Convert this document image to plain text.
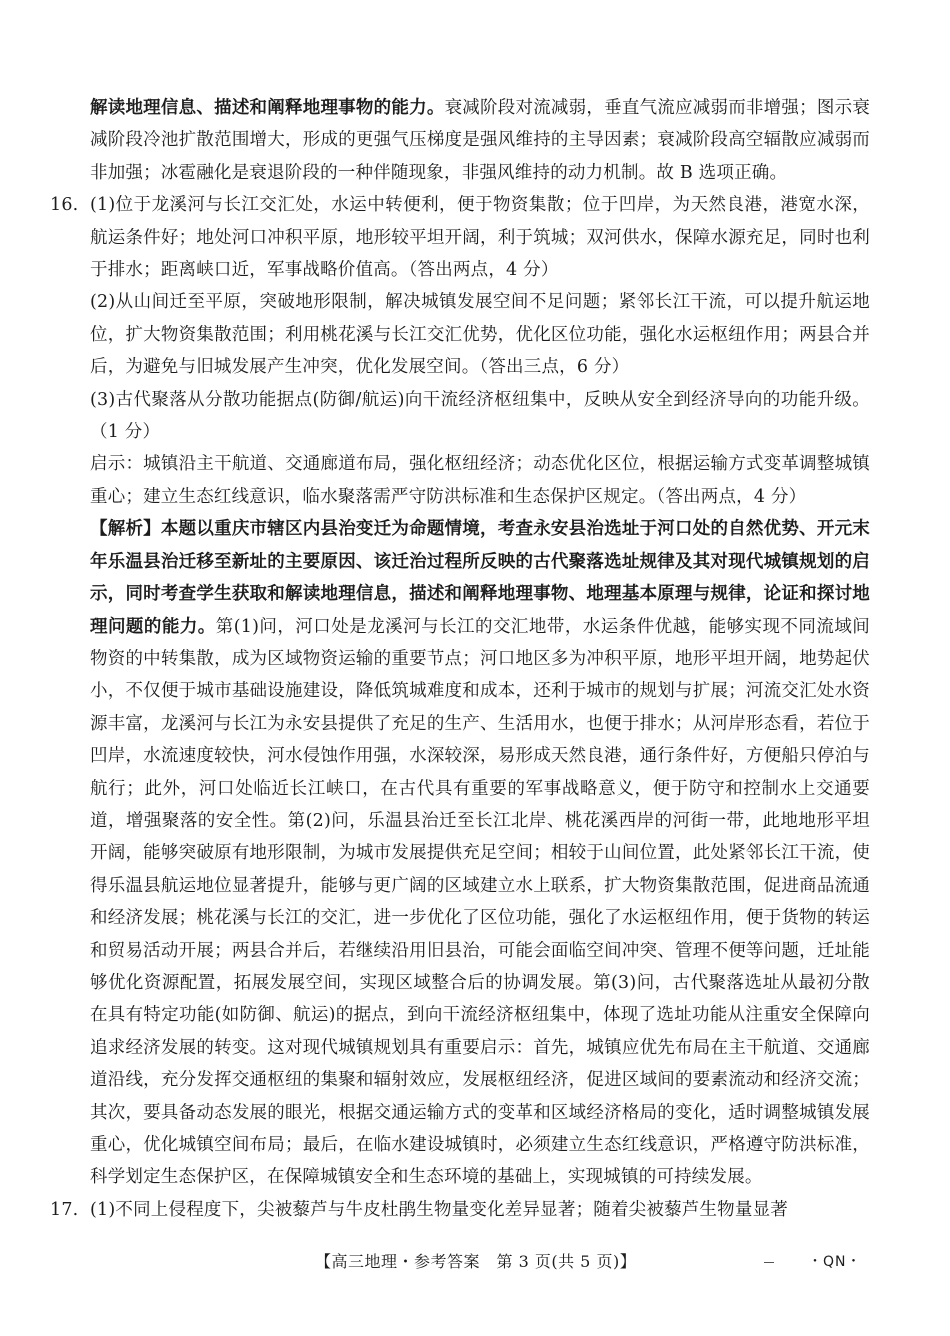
解读地理信息、描述和阐释地理事物的能力。衰减阶段对流减弱，垂直气流应减弱而非增强；图示衰减阶段冷池扩散范围增大，形成的更强气压梯度是强风维持的主导因素；衰减阶段高空辐散应减弱而非加强；冰雹融化是衰退阶段的一种伴随现象，非强风维持的动力机制。故 B 选项正确。

16. (1)位于龙溪河与长江交汇处，水运中转便利，便于物资集散；位于凹岸，为天然良港，港宽水深，航运条件好；地处河口冲积平原，地形较平坦开阔，利于筑城；双河供水，保障水源充足，同时也利于排水；距离峡口近，军事战略价值高。（答出两点，4 分）

(2)从山间迁至平原，突破地形限制，解决城镇发展空间不足问题；紧邻长江干流，可以提升航运地位，扩大物资集散范围；利用桃花溪与长江交汇优势，优化区位功能，强化水运枢纽作用；两县合并后，为避免与旧城发展产生冲突，优化发展空间。（答出三点，6 分）

(3)古代聚落从分散功能据点(防御/航运)向干流经济枢纽集中，反映从安全到经济导向的功能升级。（1 分）

启示：城镇沿主干航道、交通廊道布局，强化枢纽经济；动态优化区位，根据运输方式变革调整城镇重心；建立生态红线意识，临水聚落需严守防洪标准和生态保护区规定。（答出两点，4 分）

【解析】本题以重庆市辖区内县治变迁为命题情境，考查永安县治选址于河口处的自然优势、开元末年乐温县治迁移至新址的主要原因、该迁治过程所反映的古代聚落选址规律及其对现代城镇规划的启示，同时考查学生获取和解读地理信息，描述和阐释地理事物、地理基本原理与规律，论证和探讨地理问题的能力。第(1)问，河口处是龙溪河与长江的交汇地带，水运条件优越，能够实现不同流域间物资的中转集散，成为区域物资运输的重要节点；河口地区多为冲积平原，地形平坦开阔，地势起伏小，不仅便于城市基础设施建设，降低筑城难度和成本，还利于城市的规划与扩展；河流交汇处水资源丰富，龙溪河与长江为永安县提供了充足的生产、生活用水，也便于排水；从河岸形态看，若位于凹岸，水流速度较快，河水侵蚀作用强，水深较深，易形成天然良港，通行条件好，方便船只停泊与航行；此外，河口处临近长江峡口，在古代具有重要的军事战略意义，便于防守和控制水上交通要道，增强聚落的安全性。第(2)问，乐温县治迁至长江北岸、桃花溪西岸的河街一带，此地地形平坦开阔，能够突破原有地形限制，为城市发展提供充足空间；相较于山间位置，此处紧邻长江干流，使得乐温县航运地位显著提升，能够与更广阔的区域建立水上联系，扩大物资集散范围，促进商品流通和经济发展；桃花溪与长江的交汇，进一步优化了区位功能，强化了水运枢纽作用，便于货物的转运和贸易活动开展；两县合并后，若继续沿用旧县治，可能会面临空间冲突、管理不便等问题，迁址能够优化资源配置，拓展发展空间，实现区域整合后的协调发展。第(3)问，古代聚落选址从最初分散在具有特定功能(如防御、航运)的据点，到向干流经济枢纽集中，体现了选址功能从注重安全保障向追求经济发展的转变。这对现代城镇规划具有重要启示：首先，城镇应优先布局在主干航道、交通廊道沿线，充分发挥交通枢纽的集聚和辐射效应，发展枢纽经济，促进区域间的要素流动和经济交流；其次，要具备动态发展的眼光，根据交通运输方式的变革和区域经济格局的变化，适时调整城镇发展重心，优化城镇空间布局；最后，在临水建设城镇时，必须建立生态红线意识，严格遵守防洪标准，科学划定生态保护区，在保障城镇安全和生态环境的基础上，实现城镇的可持续发展。

17. (1)不同上侵程度下，尖被藜芦与牛皮杜鹃生物量变化差异显著；随着尖被藜芦生物量显著

【高三地理・参考答案　第 3 页(共 5 页)】	・QN・
